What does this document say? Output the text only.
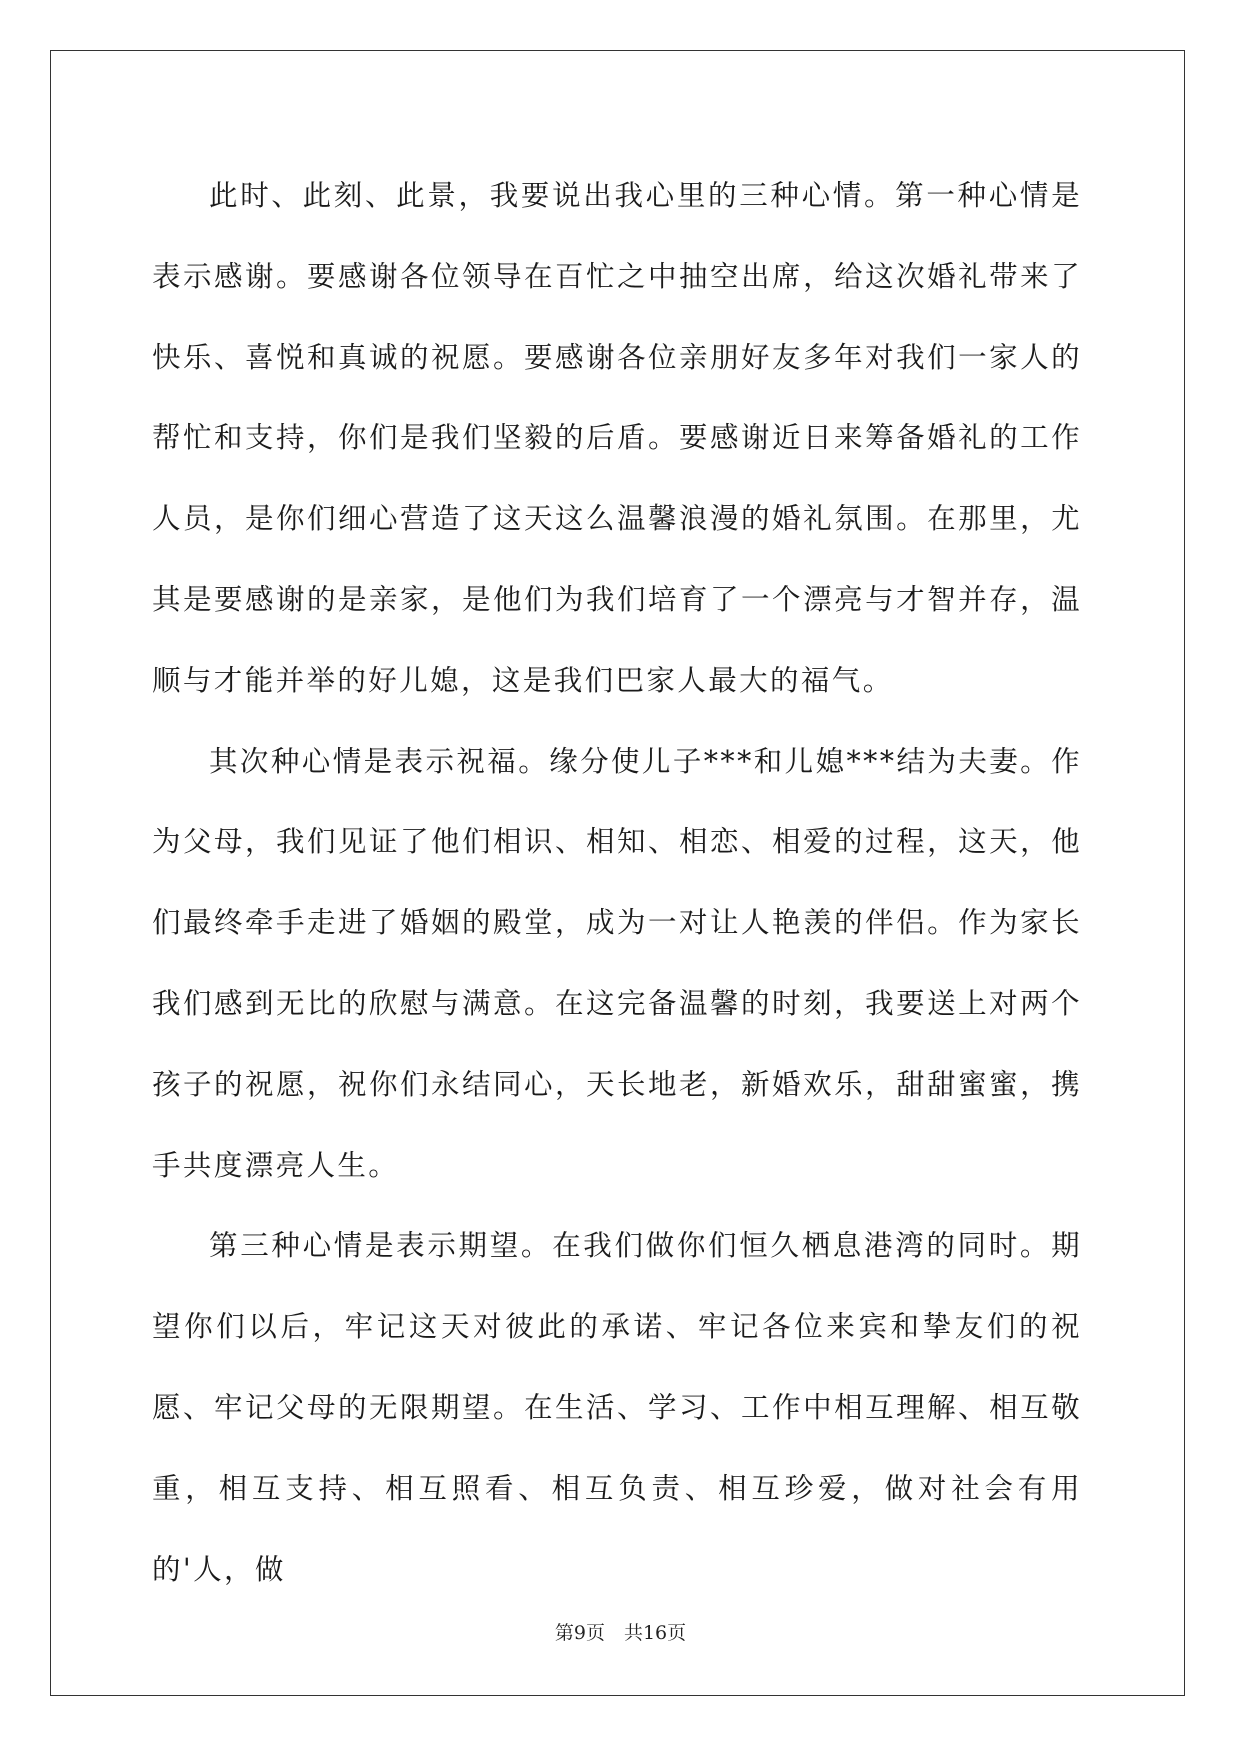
此时、此刻、此景，我要说出我心里的三种心情。第一种心情是表示感谢。要感谢各位领导在百忙之中抽空出席，给这次婚礼带来了快乐、喜悦和真诚的祝愿。要感谢各位亲朋好友多年对我们一家人的帮忙和支持，你们是我们坚毅的后盾。要感谢近日来筹备婚礼的工作人员，是你们细心营造了这天这么温馨浪漫的婚礼氛围。在那里，尤其是要感谢的是亲家，是他们为我们培育了一个漂亮与才智并存，温顺与才能并举的好儿媳，这是我们巴家人最大的福气。

其次种心情是表示祝福。缘分使儿子***和儿媳***结为夫妻。作为父母，我们见证了他们相识、相知、相恋、相爱的过程，这天，他们最终牵手走进了婚姻的殿堂，成为一对让人艳羡的伴侣。作为家长我们感到无比的欣慰与满意。在这完备温馨的时刻，我要送上对两个孩子的祝愿，祝你们永结同心，天长地老，新婚欢乐，甜甜蜜蜜，携手共度漂亮人生。

第三种心情是表示期望。在我们做你们恒久栖息港湾的同时。期望你们以后，牢记这天对彼此的承诺、牢记各位来宾和挚友们的祝愿、牢记父母的无限期望。在生活、学习、工作中相互理解、相互敬重，相互支持、相互照看、相互负责、相互珍爱，做对社会有用的'人，做

第9页　共16页
